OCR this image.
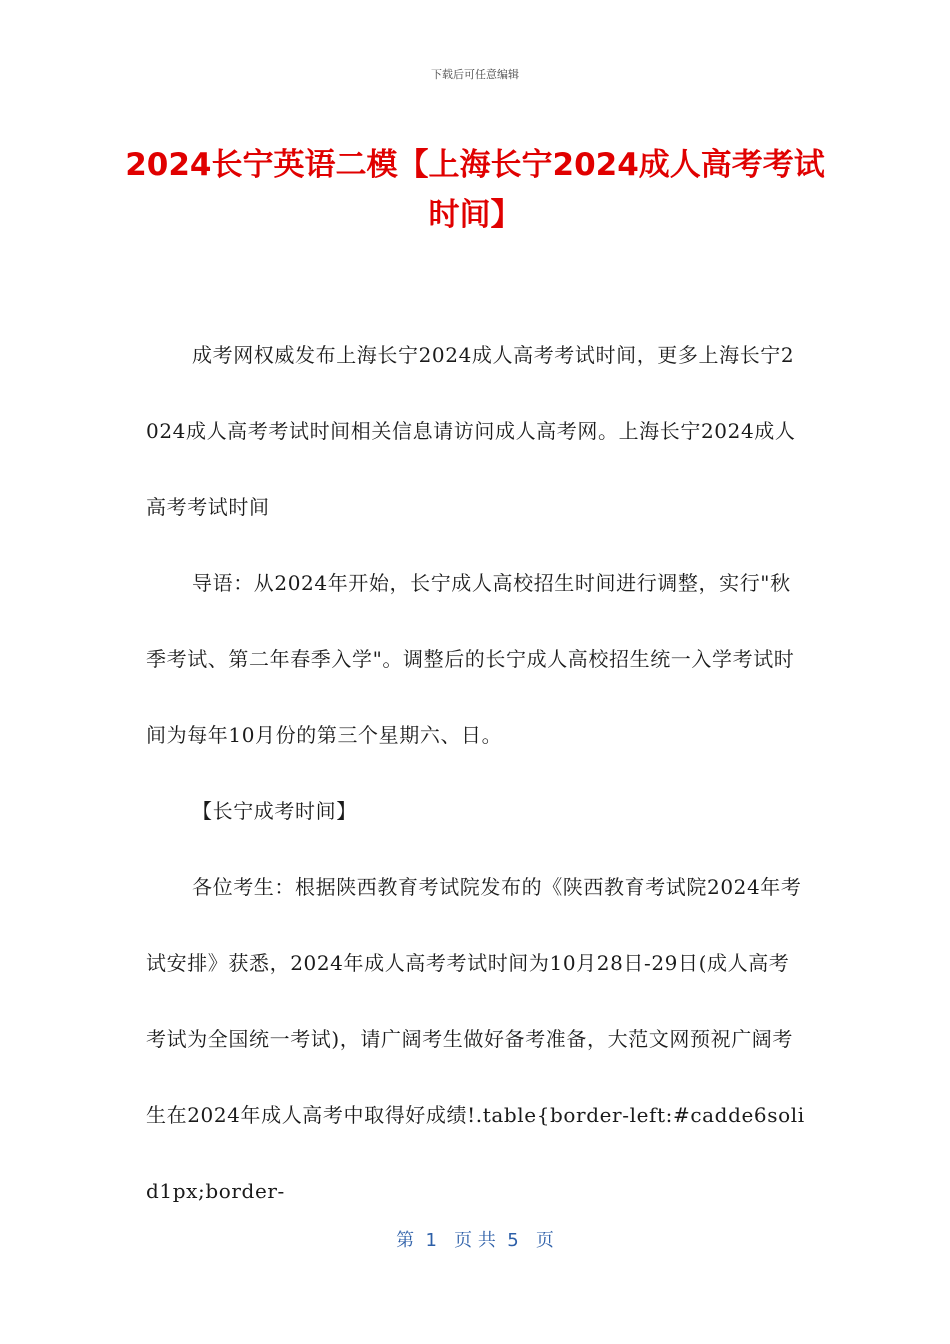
下载后可任意编辑
2024长宁英语二模【上海长宁2024成人高考考试时间】

成考网权威发布上海长宁2024成人高考考试时间，更多上海长宁2024成人高考考试时间相关信息请访问成人高考网。上海长宁2024成人高考考试时间

导语：从2024年开始，长宁成人高校招生时间进行调整，实行"秋季考试、第二年春季入学"。调整后的长宁成人高校招生统一入学考试时间为每年10月份的第三个星期六、日。

【长宁成考时间】

各位考生：根据陕西教育考试院发布的《陕西教育考试院2024年考试安排》获悉，2024年成人高考考试时间为10月28日-29日(成人高考考试为全国统一考试)，请广阔考生做好备考准备，大范文网预祝广阔考生在2024年成人高考中取得好成绩!.table{border-left:#cadde6solid1px;border-

第  1   页 共  5   页
